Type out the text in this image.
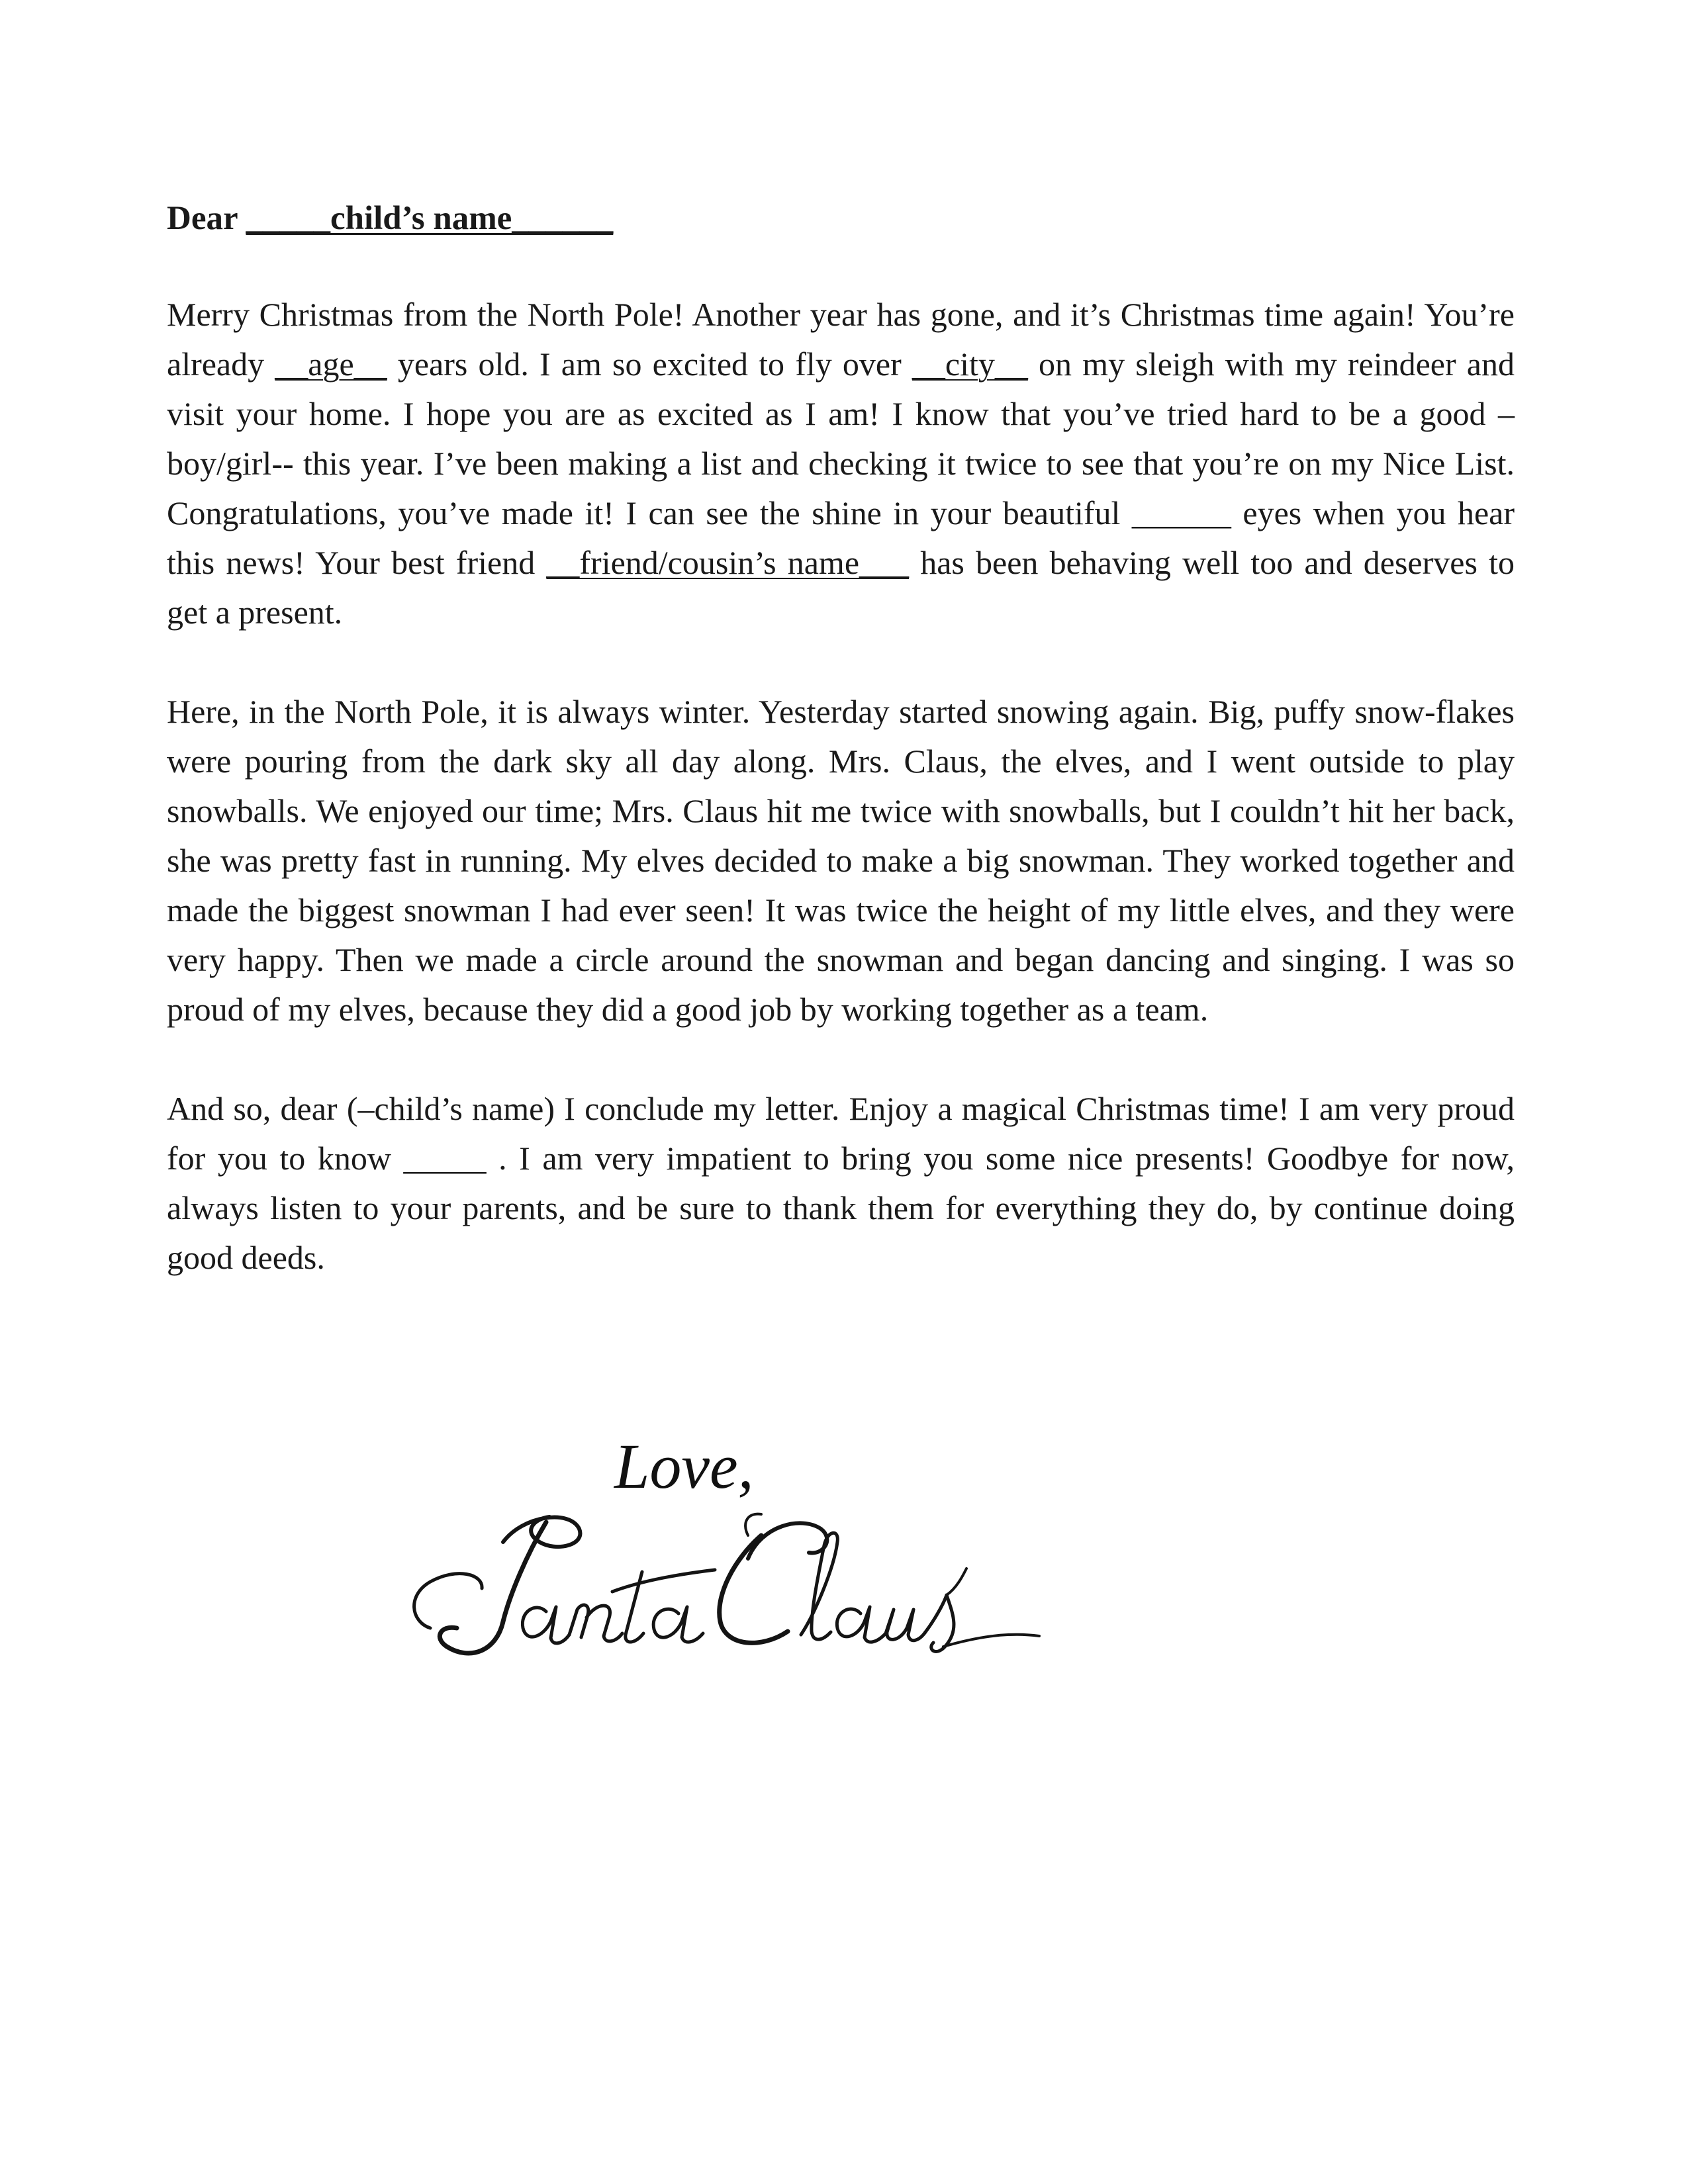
Dear _____child’s name______

Merry Christmas from the North Pole! Another year has gone, and it’s Christmas time again! You’re already __age__ years old. I am so excited to fly over __city__ on my sleigh with my reindeer and visit your home. I hope you are as excited as I am! I know that you’ve tried hard to be a good –boy/girl-- this year. I’ve been making a list and checking it twice to see that you’re on my Nice List. Congratulations, you’ve made it! I can see the shine in your beautiful ______ eyes when you hear this news! Your best friend __friend/cousin’s name___ has been behaving well too and deserves to get a present.

Here, in the North Pole, it is always winter. Yesterday started snowing again. Big, puffy snow-flakes were pouring from the dark sky all day along. Mrs. Claus, the elves, and I went outside to play snowballs. We enjoyed our time; Mrs. Claus hit me twice with snowballs, but I couldn’t hit her back, she was pretty fast in running. My elves decided to make a big snowman. They worked together and made the biggest snowman I had ever seen! It was twice the height of my little elves, and they were very happy. Then we made a circle around the snowman and began dancing and singing. I was so proud of my elves, because they did a good job by working together as a team.

And so, dear (–child’s name) I conclude my letter. Enjoy a magical Christmas time! I am very proud for you to know _____ . I am very impatient to bring you some nice presents! Goodbye for now, always listen to your parents, and be sure to thank them for everything they do, by continue doing good deeds.

Love,
